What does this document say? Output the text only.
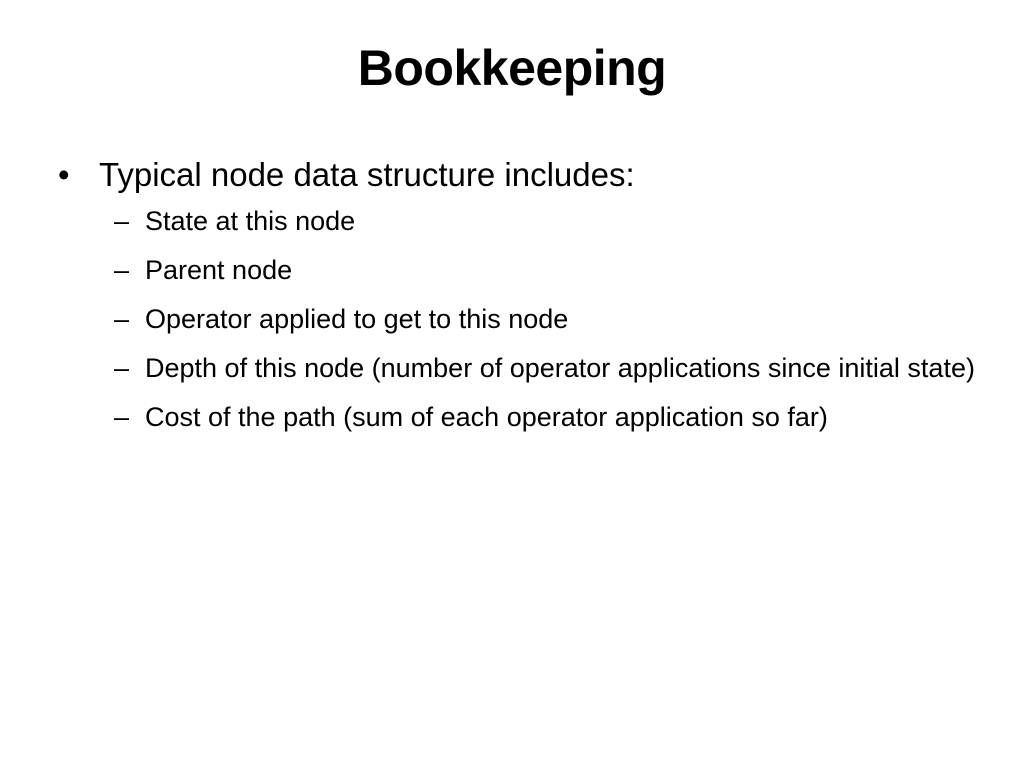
Bookkeeping
• Typical node data structure includes:
– State at this node
– Parent node
– Operator applied to get to this node
– Depth of this node (number of operator applications since initial state)
– Cost of the path (sum of each operator application so far)
